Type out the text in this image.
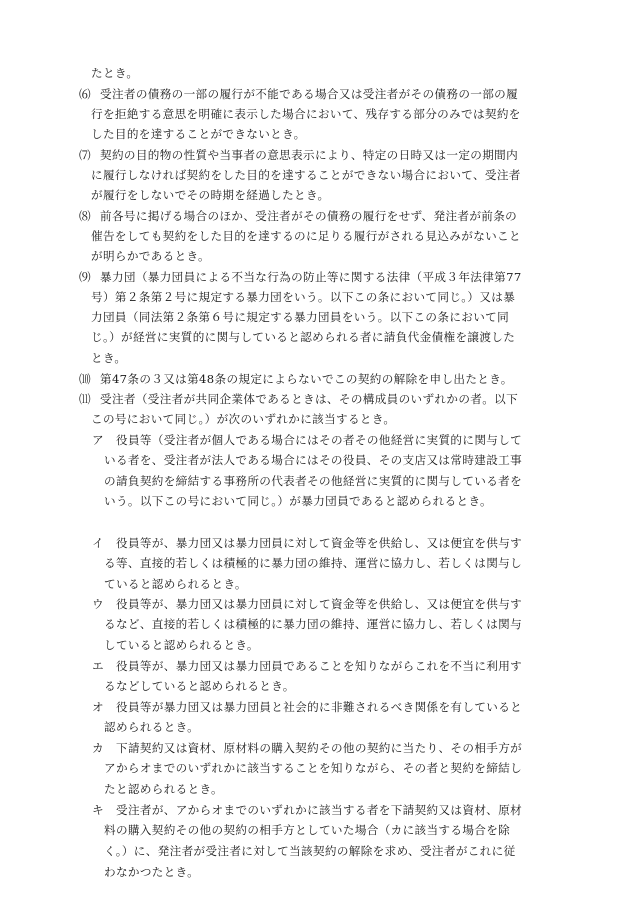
たとき。
⑹ 受注者の債務の一部の履行が不能である場合又は受注者がその債務の一部の履
行を拒絶する意思を明確に表示した場合において、残存する部分のみでは契約を
した目的を達することができないとき。
⑺ 契約の目的物の性質や当事者の意思表示により、特定の日時又は一定の期間内
に履行しなければ契約をした目的を達することができない場合において、受注者
が履行をしないでその時期を経過したとき。
⑻ 前各号に掲げる場合のほか、受注者がその債務の履行をせず、発注者が前条の
催告をしても契約をした目的を達するのに足りる履行がされる見込みがないこと
が明らかであるとき。
⑼ 暴力団（暴力団員による不当な行為の防止等に関する法律（平成３年法律第77
号）第２条第２号に規定する暴力団をいう。以下この条において同じ。）又は暴
力団員（同法第２条第６号に規定する暴力団員をいう。以下この条において同
じ。）が経営に実質的に関与していると認められる者に請負代金債権を譲渡した
とき。
⑽ 第47条の３又は第48条の規定によらないでこの契約の解除を申し出たとき。
⑾ 受注者（受注者が共同企業体であるときは、その構成員のいずれかの者。以下
この号において同じ。）が次のいずれかに該当するとき。
ア 役員等（受注者が個人である場合にはその者その他経営に実質的に関与して
いる者を、受注者が法人である場合にはその役員、その支店又は常時建設工事
の請負契約を締結する事務所の代表者その他経営に実質的に関与している者を
いう。以下この号において同じ。）が暴力団員であると認められるとき。
イ 役員等が、暴力団又は暴力団員に対して資金等を供給し、又は便宜を供与す
る等、直接的若しくは積極的に暴力団の維持、運営に協力し、若しくは関与し
ていると認められるとき。
ウ 役員等が、暴力団又は暴力団員に対して資金等を供給し、又は便宜を供与す
るなど、直接的若しくは積極的に暴力団の維持、運営に協力し、若しくは関与
していると認められるとき。
エ 役員等が、暴力団又は暴力団員であることを知りながらこれを不当に利用す
るなどしていると認められるとき。
オ 役員等が暴力団又は暴力団員と社会的に非難されるべき関係を有していると
認められるとき。
カ 下請契約又は資材、原材料の購入契約その他の契約に当たり、その相手方が
アからオまでのいずれかに該当することを知りながら、その者と契約を締結し
たと認められるとき。
キ 受注者が、アからオまでのいずれかに該当する者を下請契約又は資材、原材
料の購入契約その他の契約の相手方としていた場合（カに該当する場合を除
く。）に、発注者が受注者に対して当該契約の解除を求め、受注者がこれに従
わなかつたとき。
